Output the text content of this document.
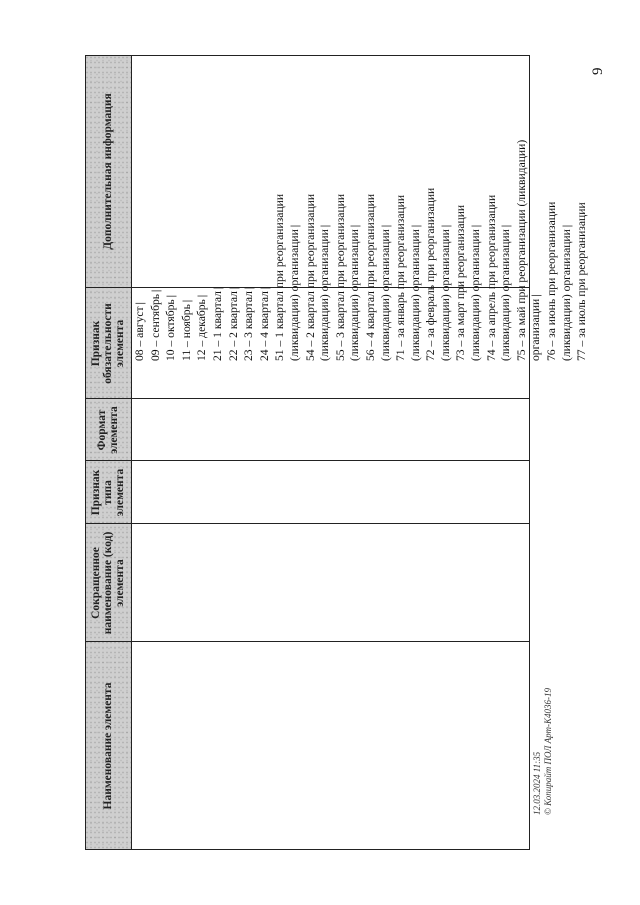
Наименование элемента
Сокращенное наименование (код) элемента
Признак типа элемента
Формат элемента
Признак обязательности элемента
Дополнительная информация
08 – август| 09 – сентябрь|
10 – октябрь|
11 – ноябрь| 12 – декабрь| 21 – 1 квартал|
22 – 2 квартал|
23 – 3 квартал|
24 – 4 квартал| 51 – 1 квартал при реорганизации (ликвидации) организации| 54 – 2 квартал при реорганизации (ликвидации) организации| 55 – 3 квартал при реорганизации (ликвидации) организации| 56 – 4 квартал при реорганизации (ликвидации) организации| 71 – за январь при реорганизации (ликвидации) организации| 72 – за февраль при реорганизации (ликвидации) организации| 73 – за март при реорганизации (ликвидации) организации| 74 – за апрель при реорганизации (ликвидации) организации| 75 – за май при реорганизации (ликвидации) организации| 76 – за июнь при реорганизации (ликвидации) организации| 77 – за июль при реорганизации
9
12.03.2024 11:35 © Копирайт ПОЛ Арт-К4036-19
